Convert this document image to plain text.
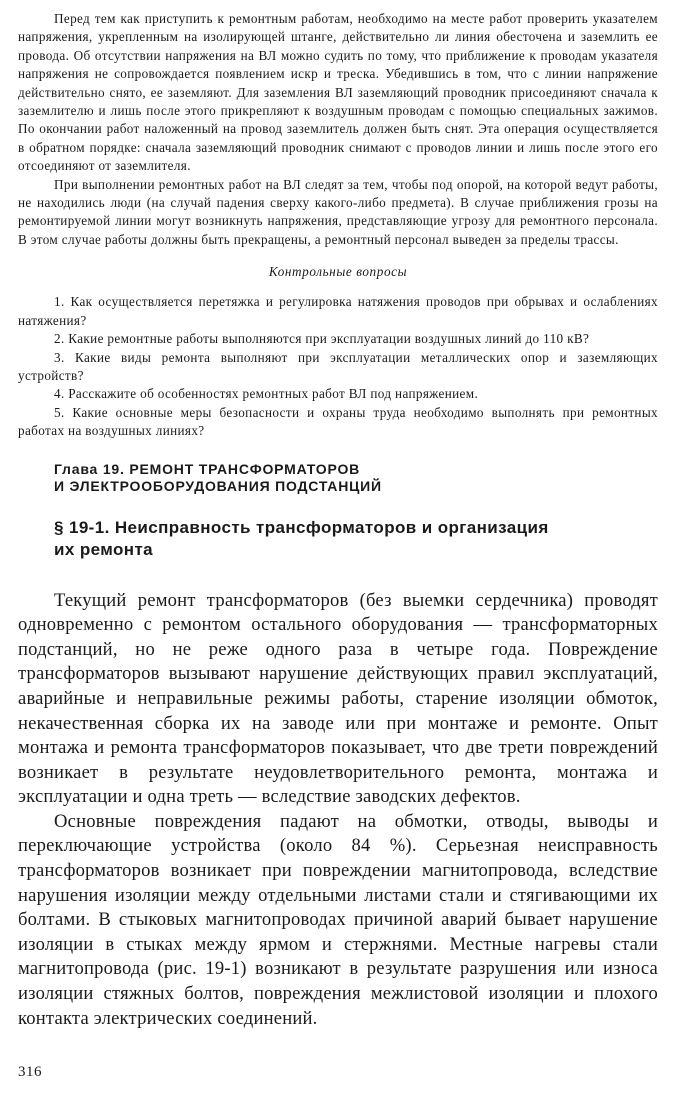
Перед тем как приступить к ремонтным работам, необходимо на месте работ проверить указателем напряжения, укрепленным на изолирующей штанге, действительно ли линия обесточена и заземлить ее провода. Об отсутствии напряжения на ВЛ можно судить по тому, что приближение к проводам указателя напряжения не сопровождается появлением искр и треска. Убедившись в том, что с линии напряжение действительно снято, ее заземляют. Для заземления ВЛ заземляющий проводник присоединяют сначала к заземлителю и лишь после этого прикрепляют к воздушным проводам с помощью специальных зажимов. По окончании работ наложенный на провод заземлитель должен быть снят. Эта операция осуществляется в обратном порядке: сначала заземляющий проводник снимают с проводов линии и лишь после этого его отсоединяют от заземлителя.

При выполнении ремонтных работ на ВЛ следят за тем, чтобы под опорой, на которой ведут работы, не находились люди (на случай падения сверху какого-либо предмета). В случае приближения грозы на ремонтируемой линии могут возникнуть напряжения, представляющие угрозу для ремонтного персонала. В этом случае работы должны быть прекращены, а ремонтный персонал выведен за пределы трассы.

Контрольные вопросы

1. Как осуществляется перетяжка и регулировка натяжения проводов при обрывах и ослаблениях натяжения?

2. Какие ремонтные работы выполняются при эксплуатации воздушных линий до 110 кВ?

3. Какие виды ремонта выполняют при эксплуатации металлических опор и заземляющих устройств?

4. Расскажите об особенностях ремонтных работ ВЛ под напряжением.

5. Какие основные меры безопасности и охраны труда необходимо выполнять при ремонтных работах на воздушных линиях?

Глава 19. РЕМОНТ ТРАНСФОРМАТОРОВ
И ЭЛЕКТРООБОРУДОВАНИЯ ПОДСТАНЦИЙ
§ 19-1. Неисправность трансформаторов и организация
их ремонта

Текущий ремонт трансформаторов (без выемки сердечника) проводят одновременно с ремонтом остального оборудования — трансформаторных подстанций, но не реже одного раза в четыре года. Повреждение трансформаторов вызывают нарушение действующих правил эксплуатаций, аварийные и неправильные режимы работы, старение изоляции обмоток, некачественная сборка их на заводе или при монтаже и ремонте. Опыт монтажа и ремонта трансформаторов показывает, что две трети повреждений возникает в результате неудовлетворительного ремонта, монтажа и эксплуатации и одна треть — вследствие заводских дефектов.

Основные повреждения падают на обмотки, отводы, выводы и переключающие устройства (около 84 %). Серьезная неисправность трансформаторов возникает при повреждении магнитопровода, вследствие нарушения изоляции между отдельными листами стали и стягивающими их болтами. В стыковых магнитопроводах причиной аварий бывает нарушение изоляции в стыках между ярмом и стержнями. Местные нагревы стали магнитопровода (рис. 19-1) возникают в результате разрушения или износа изоляции стяжных болтов, повреждения межлистовой изоляции и плохого контакта электрических соединений.

316
